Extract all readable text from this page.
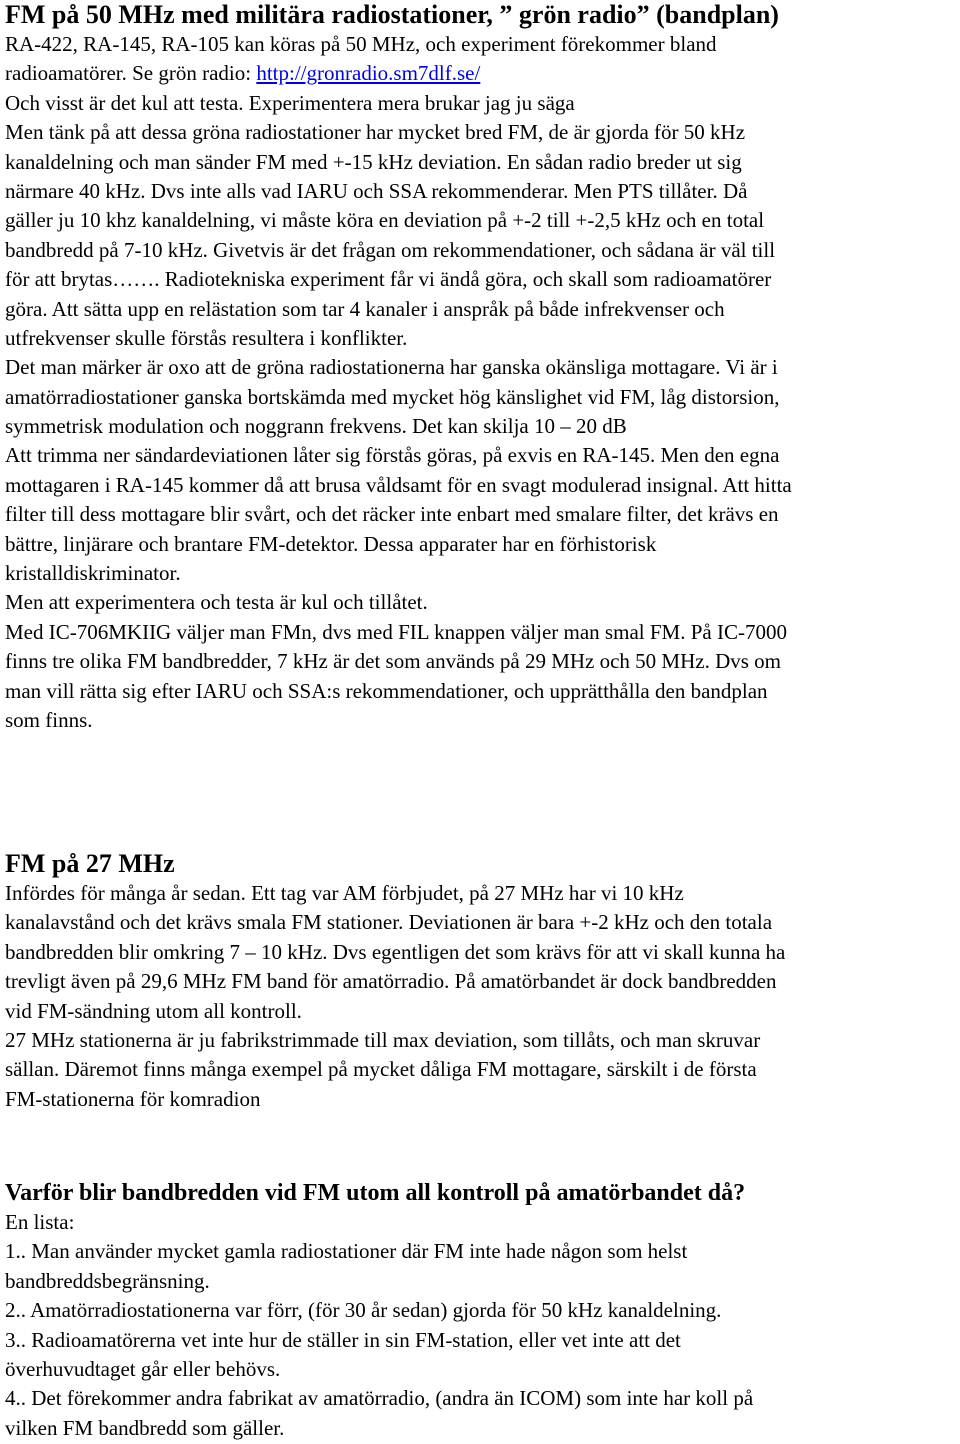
FM på 50 MHz med militära radiostationer, ” grön radio” (bandplan)
RA-422, RA-145, RA-105 kan köras på 50 MHz, och experiment förekommer bland
radioamatörer. Se grön radio: http://gronradio.sm7dlf.se/
Och visst är det kul att testa. Experimentera mera brukar jag ju säga
Men tänk på att dessa gröna radiostationer har mycket bred FM, de är gjorda för 50 kHz
kanaldelning och man sänder FM med +-15 kHz deviation. En sådan radio breder ut sig
närmare 40 kHz. Dvs inte alls vad IARU och SSA rekommenderar. Men PTS tillåter. Då
gäller ju 10 khz kanaldelning, vi måste köra en deviation på +-2 till +-2,5 kHz och en total
bandbredd på 7-10 kHz. Givetvis är det frågan om rekommendationer, och sådana är väl till
för att brytas……. Radiotekniska experiment får vi ändå göra, och skall som radioamatörer
göra. Att sätta upp en relästation som tar 4 kanaler i anspråk på både infrekvenser och
utfrekvenser skulle förstås resultera i konflikter.
Det man märker är oxo att de gröna radiostationerna har ganska okänsliga mottagare. Vi är i
amatörradiostationer ganska bortskämda med mycket hög känslighet vid FM, låg distorsion,
symmetrisk modulation och noggrann frekvens. Det kan skilja 10 – 20 dB
Att trimma ner sändardeviationen låter sig förstås göras, på exvis en RA-145. Men den egna
mottagaren i RA-145 kommer då att brusa våldsamt för en svagt modulerad insignal. Att hitta
filter till dess mottagare blir svårt, och det räcker inte enbart med smalare filter, det krävs en
bättre, linjärare och brantare FM-detektor. Dessa apparater har en förhistorisk
kristalldiskriminator.
Men att experimentera och testa är kul och tillåtet.
Med IC-706MKIIG väljer man FMn, dvs med FIL knappen väljer man smal FM. På IC-7000
finns tre olika FM bandbredder, 7 kHz är det som används på 29 MHz och 50 MHz. Dvs om
man vill rätta sig efter IARU och SSA:s rekommendationer, och upprätthålla den bandplan
som finns.
FM på 27 MHz
Infördes för många år sedan. Ett tag var AM förbjudet, på 27 MHz har vi 10 kHz
kanalavstånd och det krävs smala FM stationer. Deviationen är bara +-2 kHz och den totala
bandbredden blir omkring 7 – 10 kHz. Dvs egentligen det som krävs för att vi skall kunna ha
trevligt även på 29,6 MHz FM band för amatörradio. På amatörbandet är dock bandbredden
vid FM-sändning utom all kontroll.
27 MHz stationerna är ju fabrikstrimmade till max deviation, som tillåts, och man skruvar
sällan. Däremot finns många exempel på mycket dåliga FM mottagare, särskilt i de första
FM-stationerna för komradion
Varför blir bandbredden vid FM utom all kontroll på amatörbandet då?
En lista:
1.. Man använder mycket gamla radiostationer där FM inte hade någon som helst
bandbreddsbegränsning.
2.. Amatörradiostationerna var förr, (för 30 år sedan) gjorda för 50 kHz kanaldelning.
3.. Radioamatörerna vet inte hur de ställer in sin FM-station, eller vet inte att det
överhuvudtaget går eller behövs.
4.. Det förekommer andra fabrikat av amatörradio, (andra än ICOM) som inte har koll på
vilken FM bandbredd som gäller.
